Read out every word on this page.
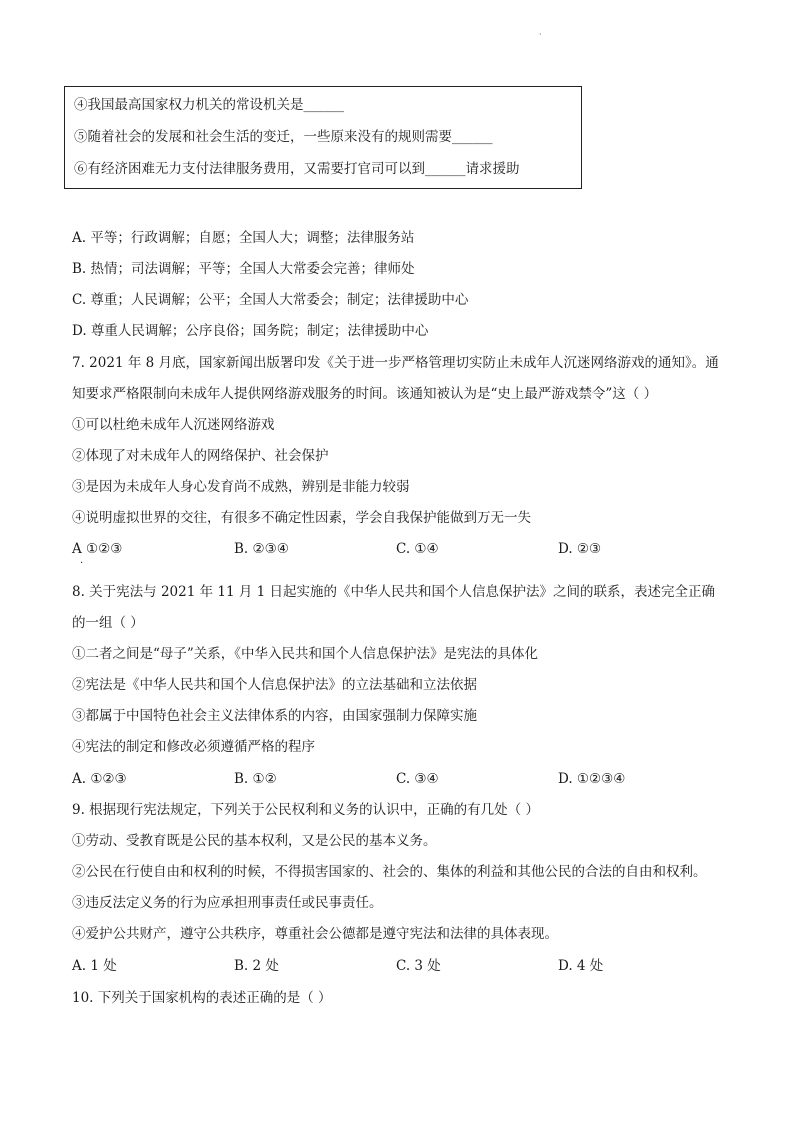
·
④我国最高国家权力机关的常设机关是______
⑤随着社会的发展和社会生活的变迁，一些原来没有的规则需要______
⑥有经济困难无力支付法律服务费用，又需要打官司可以到______请求援助
A. 平等；行政调解；自愿；全国人大；调整；法律服务站
B. 热情；司法调解；平等；全国人大常委会完善；律师处
C. 尊重；人民调解；公平；全国人大常委会；制定；法律援助中心
D. 尊重人民调解；公序良俗；国务院；制定；法律援助中心
7. 2021 年 8 月底，国家新闻出版署印发《关于进一步严格管理切实防止未成年人沉迷网络游戏的通知》。通
知要求严格限制向未成年人提供网络游戏服务的时间。该通知被认为是“史上最严游戏禁令”这（ ）
①可以杜绝未成年人沉迷网络游戏
②体现了对未成年人的网络保护、社会保护
③是因为未成年人身心发育尚不成熟，辨别是非能力较弱
④说明虚拟世界的交往，有很多不确定性因素，学会自我保护能做到万无一失
A ①②③	B. ②③④	C. ①④	D. ②③
8. 关于宪法与 2021 年 11 月 1 日起实施的《中华人民共和国个人信息保护法》之间的联系，表述完全正确
的一组（ ）
①二者之间是“母子”关系，《中华入民共和国个人信息保护法》是宪法的具体化
②宪法是《中华人民共和国个人信息保护法》的立法基础和立法依据
③都属于中国特色社会主义法律体系的内容，由国家强制力保障实施
④宪法的制定和修改必须遵循严格的程序
A. ①②③	B. ①②	C. ③④	D. ①②③④
9. 根据现行宪法规定，下列关于公民权利和义务的认识中，正确的有几处（ ）
①劳动、受教育既是公民的基本权利，又是公民的基本义务。
②公民在行使自由和权利的时候，不得损害国家的、社会的、集体的利益和其他公民的合法的自由和权利。
③违反法定义务的行为应承担刑事责任或民事责任。
④爱护公共财产，遵守公共秩序，尊重社会公德都是遵守宪法和法律的具体表现。
A. 1 处	B. 2 处	C. 3 处	D. 4 处
10. 下列关于国家机构的表述正确的是（ ）
·
